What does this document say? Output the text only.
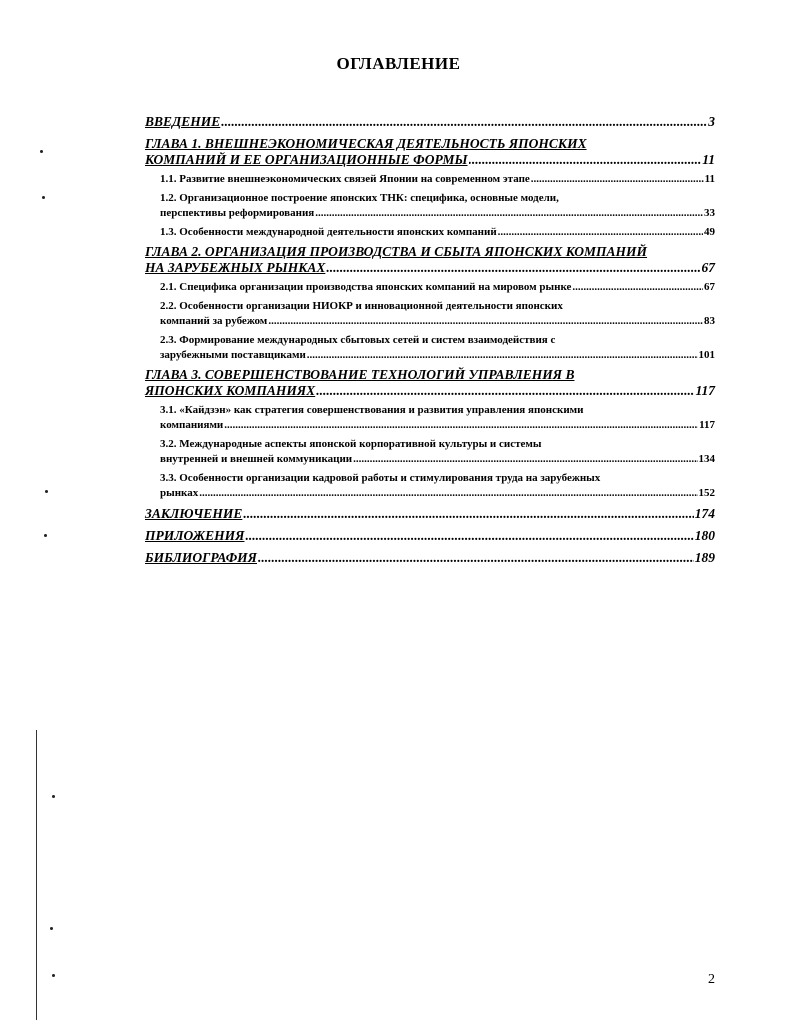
ОГЛАВЛЕНИЕ
ВВЕДЕНИЕ .....	3
ГЛАВА 1. ВНЕШНЕЭКОНОМИЧЕСКАЯ ДЕЯТЕЛЬНОСТЬ ЯПОНСКИХ
КОМПАНИЙ И ЕЕ ОРГАНИЗАЦИОННЫЕ ФОРМЫ .....	11
1.1. Развитие внешнеэкономических связей Японии на современном этапе .....	11
1.2. Организационное построение японских ТНК: специфика, основные модели,
перспективы реформирования .....	33
1.3. Особенности международной деятельности японских компаний .....	49
ГЛАВА 2. ОРГАНИЗАЦИЯ ПРОИЗВОДСТВА И СБЫТА ЯПОНСКИХ КОМПАНИЙ
НА ЗАРУБЕЖНЫХ РЫНКАХ .....	67
2.1. Специфика организации производства японских компаний на мировом рынке .....	67
2.2. Особенности организации НИОКР и инновационной деятельности японских
компаний за рубежом .....	83
2.3. Формирование международных сбытовых сетей и систем взаимодействия с
зарубежными поставщиками .....	101
ГЛАВА 3. СОВЕРШЕНСТВОВАНИЕ ТЕХНОЛОГИЙ УПРАВЛЕНИЯ В
ЯПОНСКИХ КОМПАНИЯХ .....	117
3.1. «Кайдзэн» как стратегия совершенствования и развития управления японскими
компаниями .....	117
3.2. Международные аспекты японской корпоративной культуры и системы
внутренней и внешней коммуникации .....	134
3.3. Особенности организации кадровой работы и стимулирования труда на зарубежных
рынках .....	152
ЗАКЛЮЧЕНИЕ .....	174
ПРИЛОЖЕНИЯ .....	180
БИБЛИОГРАФИЯ .....	189
2
